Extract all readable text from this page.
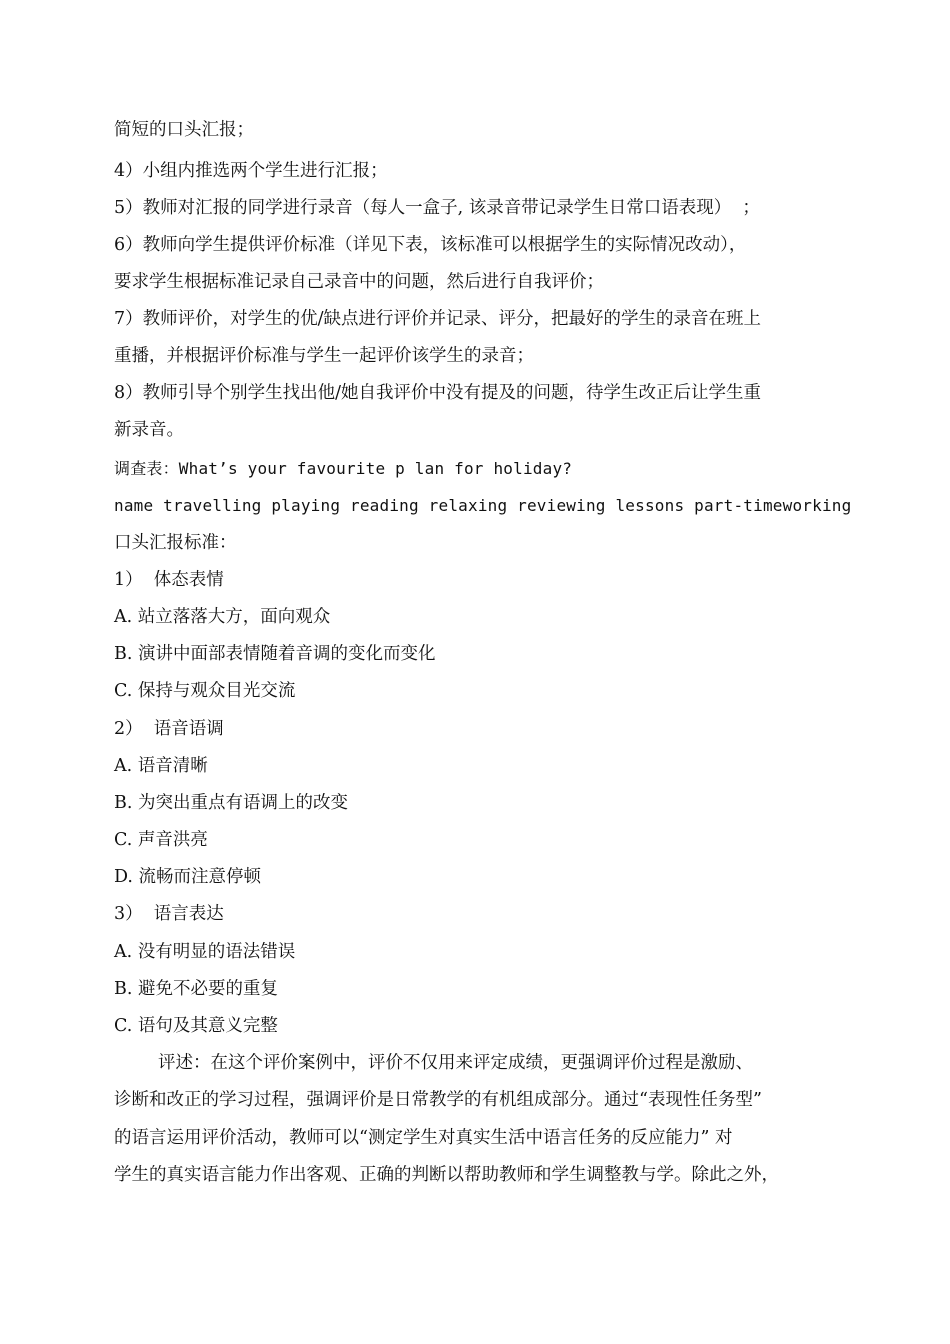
简短的口头汇报；
4）小组内推选两个学生进行汇报；
5）教师对汇报的同学进行录音（每人一盒子, 该录音带记录学生日常口语表现）  ；
6）教师向学生提供评价标准（详见下表，该标准可以根据学生的实际情况改动），
要求学生根据标准记录自己录音中的问题，然后进行自我评价；
7）教师评价，对学生的优/缺点进行评价并记录、评分，把最好的学生的录音在班上
重播，并根据评价标准与学生一起评价该学生的录音；
8）教师引导个别学生找出他/她自我评价中没有提及的问题，待学生改正后让学生重
新录音。
调查表：What’s your favourite p lan for holiday?
name travelling playing reading relaxing reviewing lessons part-timeworking
口头汇报标准：
1）  体态表情
A. 站立落落大方，面向观众
B. 演讲中面部表情随着音调的变化而变化
C. 保持与观众目光交流
2）  语音语调
A. 语音清晰
B. 为突出重点有语调上的改变
C. 声音洪亮
D. 流畅而注意停顿
3）  语言表达
A. 没有明显的语法错误
B. 避免不必要的重复
C. 语句及其意义完整
评述：在这个评价案例中，评价不仅用来评定成绩，更强调评价过程是激励、
诊断和改正的学习过程，强调评价是日常教学的有机组成部分。通过“表现性任务型”
的语言运用评价活动，教师可以“测定学生对真实生活中语言任务的反应能力” 对
学生的真实语言能力作出客观、正确的判断以帮助教师和学生调整教与学。除此之外，
